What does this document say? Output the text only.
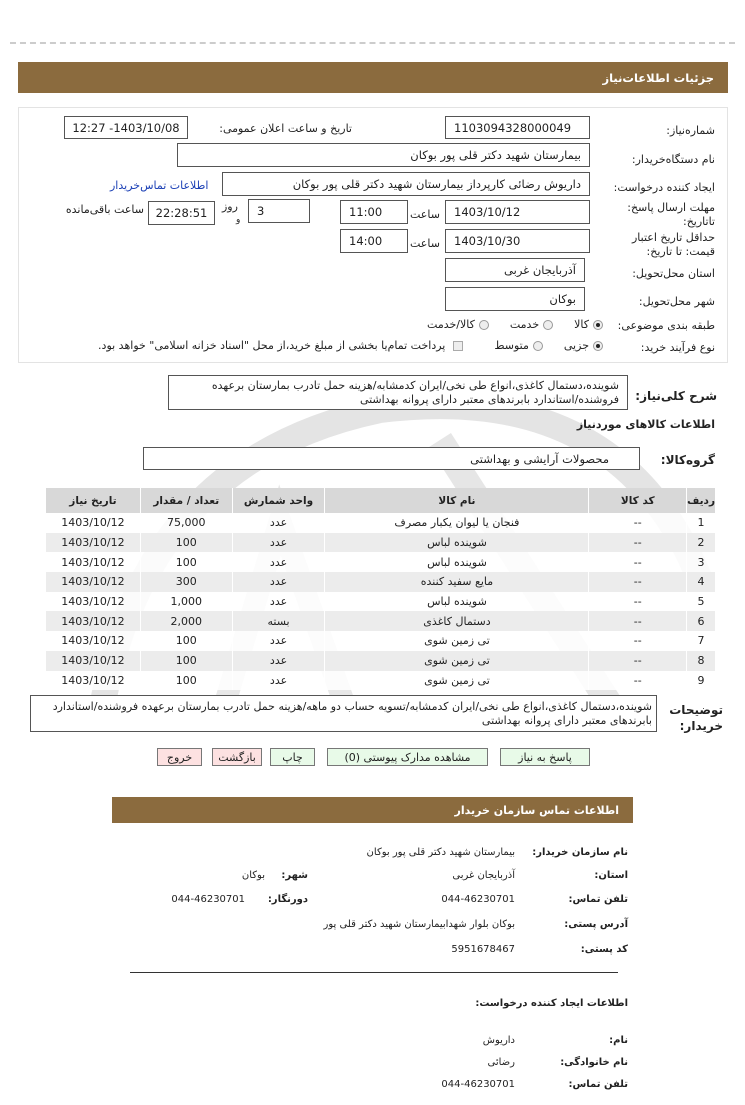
جزئیات اطلاعات‌نیاز
شماره‌نیاز:
1103094328000049
تاریخ و ساعت اعلان عمومی:
1403/10/08- 12:27
نام دستگاه‌خریدار:
بیمارستان شهید دکتر قلی پور بوکان
ایجاد کننده درخواست:
داریوش رضائی کارپرداز بیمارستان شهید دکتر قلی پور بوکان
اطلاعات تماس‌خریدار
مهلت ارسال پاسخ: تاتاریخ:
1403/10/12
ساعت
11:00
3
روز
و
22:28:51
ساعت باقی‌مانده
حداقل تاریخ اعتبار قیمت: تا تاریخ:
1403/10/30
ساعت
14:00
استان محل‌تحویل:
آذربایجان غربی
شهر محل‌تحویل:
بوکان
طبقه بندی موضوعی:
کالا      خدمت      کالا/خدمت
نوع فرآیند خرید:
جزیی      متوسط          پرداخت تمام‌یا بخشی از مبلغ خرید،از محل "اسناد خزانه اسلامی" خواهد بود.
شرح کلی‌نیاز:
شوینده،دستمال کاغذی،انواع طی نخی/ایران کدمشابه/هزینه حمل تادرب بمارستان برعهده فروشنده/استاندارد بابرندهای معتبر دارای پروانه بهداشتی
اطلاعات کالاهای موردنیاز
گروه‌کالا:
محصولات آرایشی و بهداشتی
ردیف	کد کالا	نام کالا	واحد شمارش	تعداد / مقدار	تاریخ نیاز
1	--	فنجان یا لیوان یکبار مصرف	عدد	75,000	1403/10/12
2	--	شوینده لباس	عدد	100	1403/10/12
3	--	شوینده لباس	عدد	100	1403/10/12
4	--	مایع سفید کننده	عدد	300	1403/10/12
5	--	شوینده لباس	عدد	1,000	1403/10/12
6	--	دستمال کاغذی	بسته	2,000	1403/10/12
7	--	تی زمین شوی	عدد	100	1403/10/12
8	--	تی زمین شوی	عدد	100	1403/10/12
9	--	تی زمین شوی	عدد	100	1403/10/12
توضیحات خریدار:
شوینده،دستمال کاغذی،انواع طی نخی/ایران کدمشابه/تسویه حساب دو ماهه/هزینه حمل تادرب بمارستان برعهده فروشنده/استاندارد بابرندهای معتبر دارای پروانه بهداشتی
پاسخ به نیاز
مشاهده مدارک پیوستی (0)
چاپ
بازگشت
خروج
اطلاعات تماس سازمان خریدار
نام سازمان خریدار:
بیمارستان شهید دکتر قلی پور بوکان
استان:
آذربایجان غربی
شهر:
بوکان
تلفن تماس:
044-46230701
دورنگار:
044-46230701
آدرس پستی:
بوکان بلوار شهدابیمارستان شهید دکتر قلی پور
کد پستی:
5951678467
اطلاعات ایجاد کننده درخواست:
نام:
داریوش
نام خانوادگی:
رضائی
تلفن تماس:
044-46230701
